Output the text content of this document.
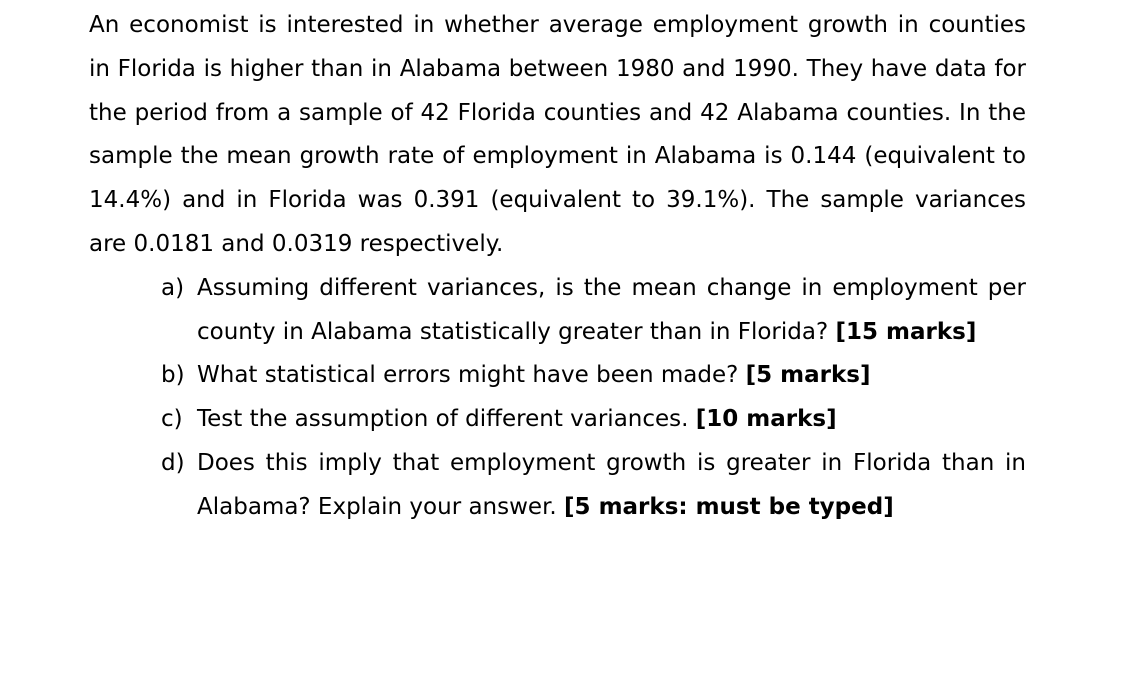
An economist is interested in whether average employment growth in counties in Florida is higher than in Alabama between 1980 and 1990. They have data for the period from a sample of 42 Florida counties and 42 Alabama counties. In the sample the mean growth rate of employment in Alabama is 0.144 (equivalent to 14.4%) and in Florida was 0.391 (equivalent to 39.1%). The sample variances are 0.0181 and 0.0319 respectively.

a) Assuming different variances, is the mean change in employment per county in Alabama statistically greater than in Florida? [15 marks]
b) What statistical errors might have been made? [5 marks]
c) Test the assumption of different variances. [10 marks]
d) Does this imply that employment growth is greater in Florida than in Alabama? Explain your answer. [5 marks: must be typed]
